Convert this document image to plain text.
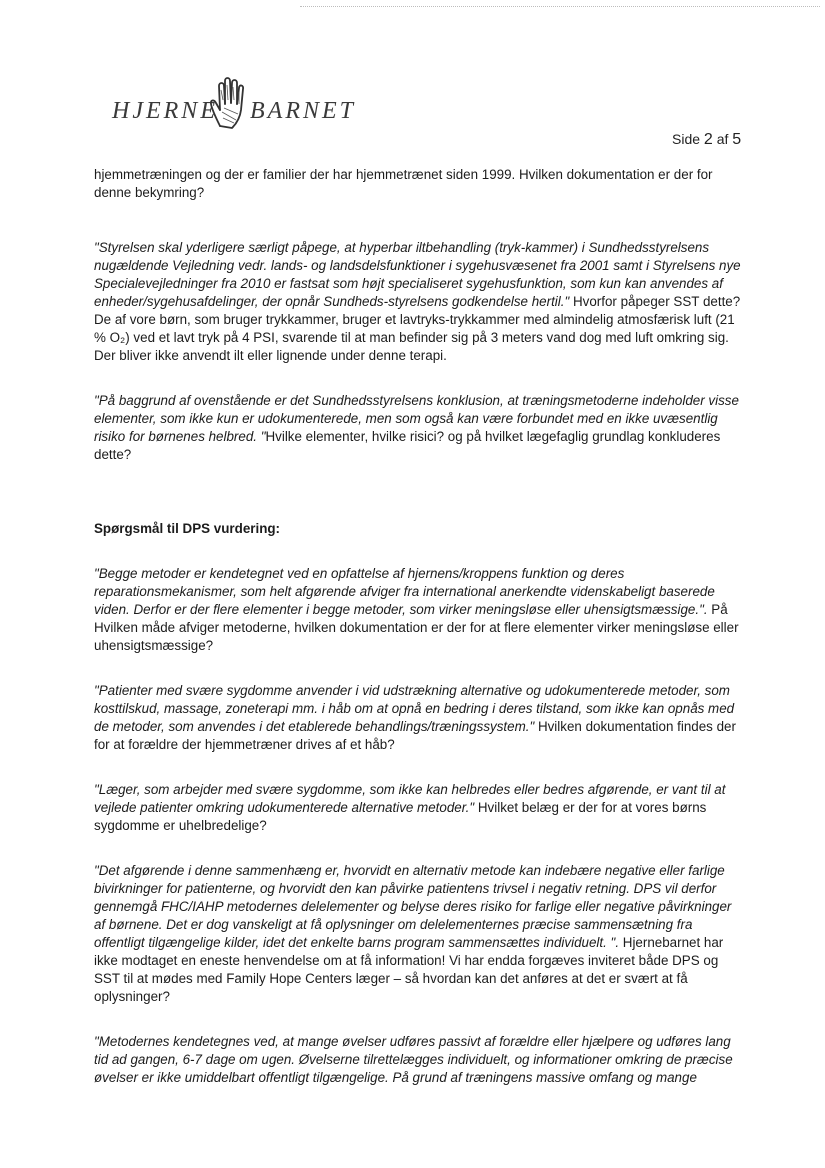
HJERNE BARNET
Side 2 af 5

hjemmetræningen og der er familier der har hjemmetrænet siden 1999. Hvilken dokumentation er der for denne bekymring?

"Styrelsen skal yderligere særligt påpege, at hyperbar iltbehandling (tryk-kammer) i Sundhedsstyrelsens nugældende Vejledning vedr. lands- og landsdelsfunktioner i sygehusvæsenet fra 2001 samt i Styrelsens nye Specialevejledninger fra 2010 er fastsat som højt specialiseret sygehusfunktion, som kun kan anvendes af enheder/sygehusafdelinger, der opnår Sundheds-styrelsens godkendelse hertil." Hvorfor påpeger SST dette? De af vore børn, som bruger trykkammer, bruger et lavtryks-trykkammer med almindelig atmosfærisk luft (21 % O₂) ved et lavt tryk på 4 PSI, svarende til at man befinder sig på 3 meters vand dog med luft omkring sig. Der bliver ikke anvendt ilt eller lignende under denne terapi.

"På baggrund af ovenstående er det Sundhedsstyrelsens konklusion, at træningsmetoderne indeholder visse elementer, som ikke kun er udokumenterede, men som også kan være forbundet med en ikke uvæsentlig risiko for børnenes helbred. "Hvilke elementer, hvilke risici? og på hvilket lægefaglig grundlag konkluderes dette?

Spørgsmål til DPS vurdering:

"Begge metoder er kendetegnet ved en opfattelse af hjernens/kroppens funktion og deres reparationsmekanismer, som helt afgørende afviger fra international anerkendte videnskabeligt baserede viden. Derfor er der flere elementer i begge metoder, som virker meningsløse eller uhensigtsmæssige.". På Hvilken måde afviger metoderne, hvilken dokumentation er der for at flere elementer virker meningsløse eller uhensigtsmæssige?

"Patienter med svære sygdomme anvender i vid udstrækning alternative og udokumenterede metoder, som kosttilskud, massage, zoneterapi mm. i håb om at opnå en bedring i deres tilstand, som ikke kan opnås med de metoder, som anvendes i det etablerede behandlings/træningssystem." Hvilken dokumentation findes der for at forældre der hjemmetræner drives af et håb?

"Læger, som arbejder med svære sygdomme, som ikke kan helbredes eller bedres afgørende, er vant til at vejlede patienter omkring udokumenterede alternative metoder." Hvilket belæg er der for at vores børns sygdomme er uhelbredelige?

"Det afgørende i denne sammenhæng er, hvorvidt en alternativ metode kan indebære negative eller farlige bivirkninger for patienterne, og hvorvidt den kan påvirke patientens trivsel i negativ retning. DPS vil derfor gennemgå FHC/IAHP metodernes delelementer og belyse deres risiko for farlige eller negative påvirkninger af børnene. Det er dog vanskeligt at få oplysninger om delelementernes præcise sammensætning fra offentligt tilgængelige kilder, idet det enkelte barns program sammensættes individuelt. ". Hjernebarnet har ikke modtaget en eneste henvendelse om at få information! Vi har endda forgæves inviteret både DPS og SST til at mødes med Family Hope Centers læger – så hvordan kan det anføres at det er svært at få oplysninger?

"Metodernes kendetegnes ved, at mange øvelser udføres passivt af forældre eller hjælpere og udføres lang tid ad gangen, 6-7 dage om ugen. Øvelserne tilrettelægges individuelt, og informationer omkring de præcise øvelser er ikke umiddelbart offentligt tilgængelige. På grund af træningens massive omfang og mange
